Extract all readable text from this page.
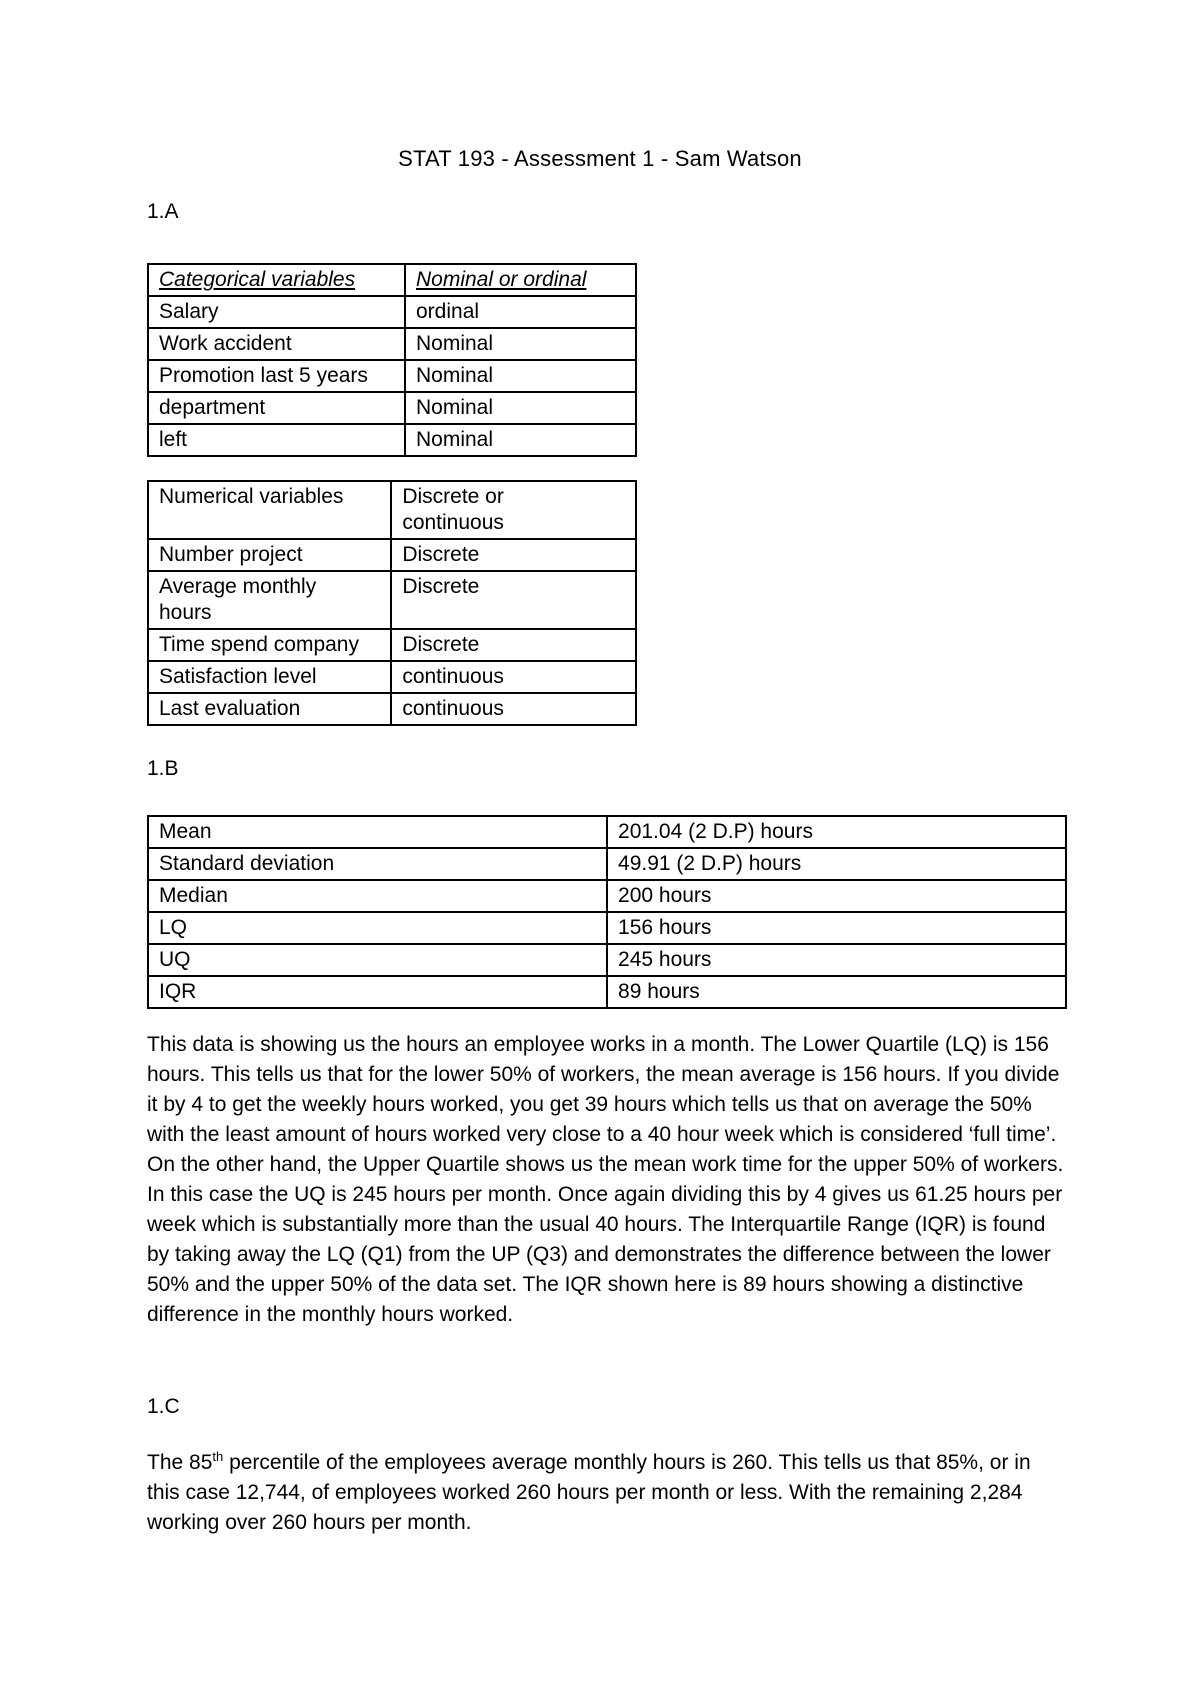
STAT 193 - Assessment 1 - Sam Watson
1.A
Categorical variables	Nominal or ordinal
Salary	ordinal
Work accident	Nominal
Promotion last 5 years	Nominal
department	Nominal
left	Nominal
Numerical variables	Discrete or continuous
Number project	Discrete
Average monthly hours	Discrete
Time spend company	Discrete
Satisfaction level	continuous
Last evaluation	continuous
1.B
Mean	201.04 (2 D.P) hours
Standard deviation	49.91 (2 D.P) hours
Median	200 hours
LQ	156 hours
UQ	245 hours
IQR	89 hours
This data is showing us the hours an employee works in a month. The Lower Quartile (LQ) is 156 hours. This tells us that for the lower 50% of workers, the mean average is 156 hours. If you divide it by 4 to get the weekly hours worked, you get 39 hours which tells us that on average the 50% with the least amount of hours worked very close to a 40 hour week which is considered ‘full time’. On the other hand, the Upper Quartile shows us the mean work time for the upper 50% of workers. In this case the UQ is 245 hours per month. Once again dividing this by 4 gives us 61.25 hours per week which is substantially more than the usual 40 hours. The Interquartile Range (IQR) is found by taking away the LQ (Q1) from the UP (Q3) and demonstrates the difference between the lower 50% and the upper 50% of the data set. The IQR shown here is 89 hours showing a distinctive difference in the monthly hours worked.
1.C
The 85th percentile of the employees average monthly hours is 260. This tells us that 85%, or in this case 12,744, of employees worked 260 hours per month or less. With the remaining 2,284 working over 260 hours per month.
